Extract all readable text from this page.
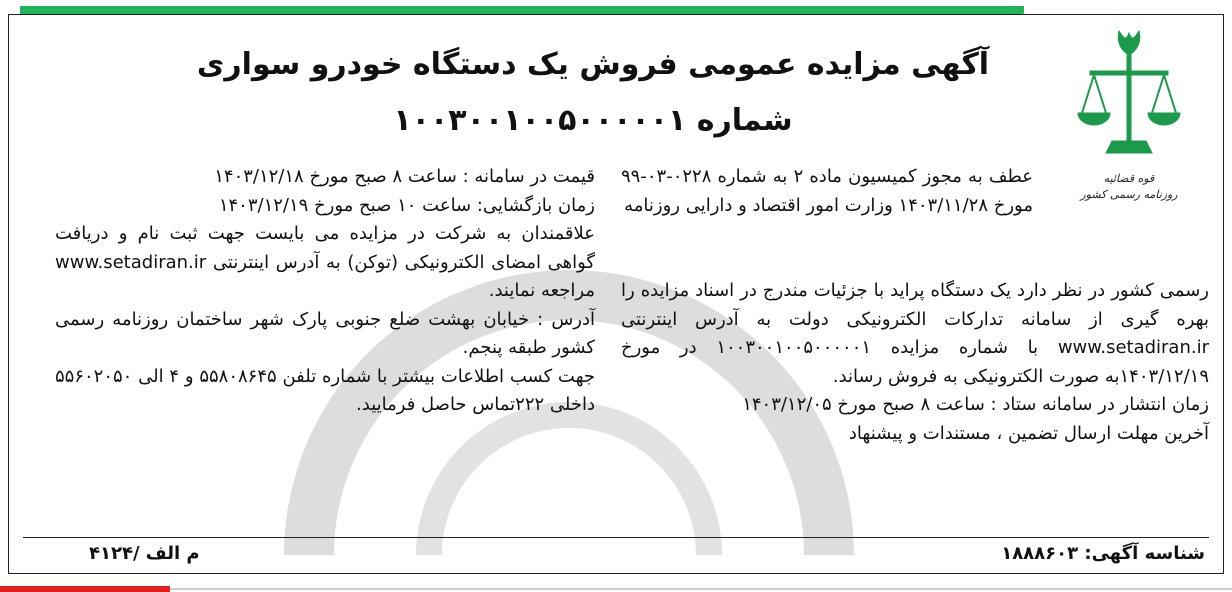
قوه قضائیه
روزنامه رسمی کشور
آگهی مزایده عمومی فروش یک دستگاه خودرو سواری
شماره ۱۰۰۳۰۰۱۰۰۵۰۰۰۰۰۱

عطف به مجوز کمیسیون ماده ۲ به شماره ۰۲۲۸-۰۳-۹۹ مورخ ۱۴۰۳/۱۱/۲۸ وزارت امور اقتصاد و دارایی روزنامه

رسمی کشور در نظر دارد یک دستگاه پراید با جزئیات مندرج در اسناد مزایده را بهره گیری از سامانه تدارکات الکترونیکی دولت به آدرس اینترنتی www.setadiran.ir با شماره مزایده ۱۰۰۳۰۰۱۰۰۵۰۰۰۰۰۱ در مورخ ۱۴۰۳/۱۲/۱۹به صورت الکترونیکی به فروش رساند.

زمان انتشار در سامانه ستاد : ساعت ۸ صبح مورخ ۱۴۰۳/۱۲/۰۵

آخرین مهلت ارسال تضمین ، مستندات و پیشنهاد

قیمت در سامانه : ساعت ۸ صبح مورخ ۱۴۰۳/۱۲/۱۸

زمان بازگشایی: ساعت ۱۰ صبح مورخ ۱۴۰۳/۱۲/۱۹

علاقمندان به شرکت در مزایده می بایست جهت ثبت نام و دریافت گواهی امضای الکترونیکی (توکن) به آدرس اینترنتی www.setadiran.ir مراجعه نمایند.

آدرس : خیابان بهشت ضلع جنوبی پارک شهر ساختمان روزنامه رسمی کشور طبقه پنجم.

جهت کسب اطلاعات بیشتر با شماره تلفن ۵۵۸۰۸۶۴۵ و ۴ الی ۵۵۶۰۲۰۵۰ داخلی ۲۲۲تماس حاصل فرمایید.

شناسه آگهی: ۱۸۸۸۶۰۳
م الف /۴۱۲۴
